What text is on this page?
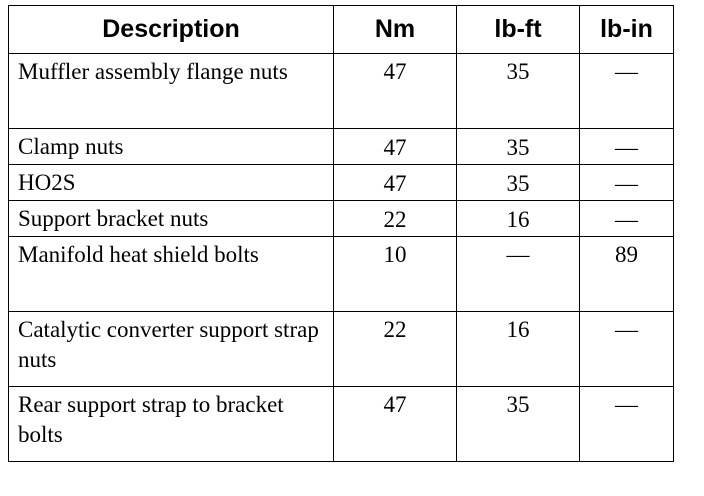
Description	Nm	lb-ft	lb-in
Muffler assembly flange nuts	47	35	—
Clamp nuts	47	35	—
HO2S	47	35	—
Support bracket nuts	22	16	—
Manifold heat shield bolts	10	—	89
Catalytic converter support strap nuts	22	16	—
Rear support strap to bracket bolts	47	35	—
